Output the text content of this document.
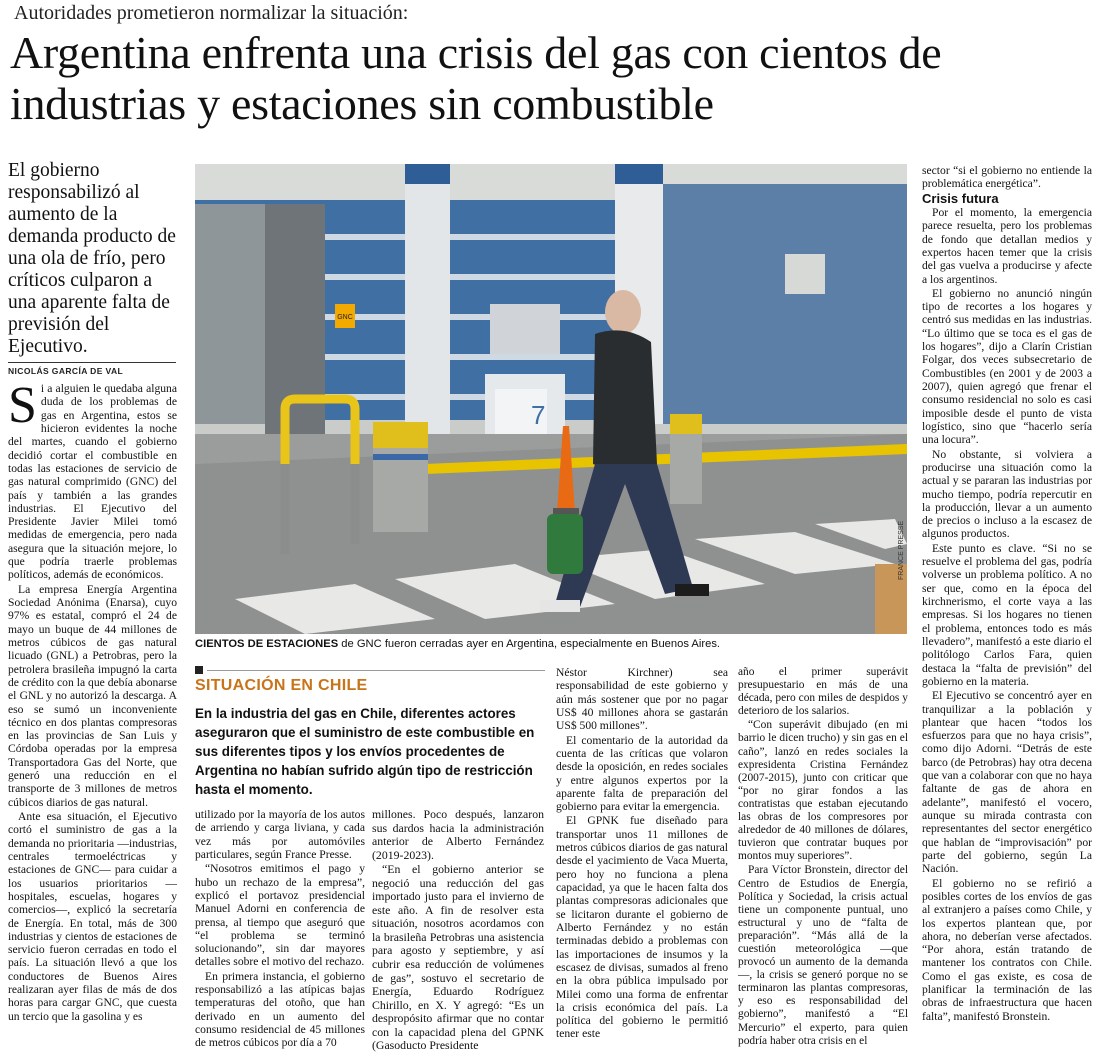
Autoridades prometieron normalizar la situación:
Argentina enfrenta una crisis del gas con cientos de industrias y estaciones sin combustible
El gobierno responsabilizó al aumento de la demanda producto de una ola de frío, pero críticos culparon a una aparente falta de previsión del Ejecutivo.
NICOLÁS GARCÍA DE VAL

Si a alguien le quedaba alguna duda de los problemas de gas en Argentina, estos se hicieron evidentes la noche del martes, cuando el gobierno decidió cortar el combustible en todas las estaciones de servicio de gas natural comprimido (GNC) del país y también a las grandes industrias. El Ejecutivo del Presidente Javier Milei tomó medidas de emergencia, pero nada asegura que la situación mejore, lo que podría traerle problemas políticos, además de económicos.

La empresa Energía Argentina Sociedad Anónima (Enarsa), cuyo 97% es estatal, compró el 24 de mayo un buque de 44 millones de metros cúbicos de gas natural licuado (GNL) a Petrobras, pero la petrolera brasileña impugnó la carta de crédito con la que debía abonarse el GNL y no autorizó la descarga. A eso se sumó un inconveniente técnico en dos plantas compresoras en las provincias de San Luis y Córdoba operadas por la empresa Transportadora Gas del Norte, que generó una reducción en el transporte de 3 millones de metros cúbicos diarios de gas natural.

Ante esa situación, el Ejecutivo cortó el suministro de gas a la demanda no prioritaria —industrias, centrales termoeléctricas y estaciones de GNC— para cuidar a los usuarios prioritarios —hospitales, escuelas, hogares y comercios—, explicó la secretaría de Energía. En total, más de 300 industrias y cientos de estaciones de servicio fueron cerradas en todo el país. La situación llevó a que los conductores de Buenos Aires realizaran ayer filas de más de dos horas para cargar GNC, que cuesta un tercio que la gasolina y es

GNC
7
FRANCE PRESSE
CIENTOS DE ESTACIONES de GNC fueron cerradas ayer en Argentina, especialmente en Buenos Aires.
SITUACIÓN EN CHILE
En la industria del gas en Chile, diferentes actores aseguraron que el suministro de este combustible en sus diferentes tipos y los envíos procedentes de Argentina no habían sufrido algún tipo de restricción hasta el momento.

utilizado por la mayoría de los autos de arriendo y carga liviana, y cada vez más por automóviles particulares, según France Presse.

“Nosotros emitimos el pago y hubo un rechazo de la empresa”, explicó el portavoz presidencial Manuel Adorni en conferencia de prensa, al tiempo que aseguró que “el problema se terminó solucionando”, sin dar mayores detalles sobre el motivo del rechazo.

En primera instancia, el gobierno responsabilizó a las atípicas bajas temperaturas del otoño, que han derivado en un aumento del consumo residencial de 45 millones de metros cúbicos por día a 70

millones. Poco después, lanzaron sus dardos hacia la administración anterior de Alberto Fernández (2019-2023).

“En el gobierno anterior se negoció una reducción del gas importado justo para el invierno de este año. A fin de resolver esta situación, nosotros acordamos con la brasileña Petrobras una asistencia para agosto y septiembre, y así cubrir esa reducción de volúmenes de gas”, sostuvo el secretario de Energía, Eduardo Rodríguez Chirillo, en X. Y agregó: “Es un despropósito afirmar que no contar con la capacidad plena del GPNK (Gasoducto Presidente

Néstor Kirchner) sea responsabilidad de este gobierno y aún más sostener que por no pagar US$ 40 millones ahora se gastarán US$ 500 millones”.

El comentario de la autoridad da cuenta de las críticas que volaron desde la oposición, en redes sociales y entre algunos expertos por la aparente falta de preparación del gobierno para evitar la emergencia.

El GPNK fue diseñado para transportar unos 11 millones de metros cúbicos diarios de gas natural desde el yacimiento de Vaca Muerta, pero hoy no funciona a plena capacidad, ya que le hacen falta dos plantas compresoras adicionales que se licitaron durante el gobierno de Alberto Fernández y no están terminadas debido a problemas con las importaciones de insumos y la escasez de divisas, sumados al freno en la obra pública impulsado por Milei como una forma de enfrentar la crisis económica del país. La política del gobierno le permitió tener este

año el primer superávit presupuestario en más de una década, pero con miles de despidos y deterioro de los salarios.

“Con superávit dibujado (en mi barrio le dicen trucho) y sin gas en el caño”, lanzó en redes sociales la expresidenta Cristina Fernández (2007-2015), junto con criticar que “por no girar fondos a las contratistas que estaban ejecutando las obras de los compresores por alrededor de 40 millones de dólares, tuvieron que contratar buques por montos muy superiores”.

Para Víctor Bronstein, director del Centro de Estudios de Energía, Política y Sociedad, la crisis actual tiene un componente puntual, uno estructural y uno de “falta de preparación”. “Más allá de la cuestión meteorológica —que provocó un aumento de la demanda—, la crisis se generó porque no se terminaron las plantas compresoras, y eso es responsabilidad del gobierno”, manifestó a “El Mercurio” el experto, para quien podría haber otra crisis en el

sector “si el gobierno no entiende la problemática energética”.

Crisis futura

Por el momento, la emergencia parece resuelta, pero los problemas de fondo que detallan medios y expertos hacen temer que la crisis del gas vuelva a producirse y afecte a los argentinos.

El gobierno no anunció ningún tipo de recortes a los hogares y centró sus medidas en las industrias. “Lo último que se toca es el gas de los hogares”, dijo a Clarín Cristian Folgar, dos veces subsecretario de Combustibles (en 2001 y de 2003 a 2007), quien agregó que frenar el consumo residencial no solo es casi imposible desde el punto de vista logístico, sino que “hacerlo sería una locura”.

No obstante, si volviera a producirse una situación como la actual y se pararan las industrias por mucho tiempo, podría repercutir en la producción, llevar a un aumento de precios o incluso a la escasez de algunos productos.

Este punto es clave. “Si no se resuelve el problema del gas, podría volverse un problema político. A no ser que, como en la época del kirchnerismo, el corte vaya a las empresas. Si los hogares no tienen el problema, entonces todo es más llevadero”, manifestó a este diario el politólogo Carlos Fara, quien destaca la “falta de previsión” del gobierno en la materia.

El Ejecutivo se concentró ayer en tranquilizar a la población y plantear que hacen “todos los esfuerzos para que no haya crisis”, como dijo Adorni. “Detrás de este barco (de Petrobras) hay otra decena que van a colaborar con que no haya faltante de gas de ahora en adelante”, manifestó el vocero, aunque su mirada contrasta con representantes del sector energético que hablan de “improvisación” por parte del gobierno, según La Nación.

El gobierno no se refirió a posibles cortes de los envíos de gas al extranjero a países como Chile, y los expertos plantean que, por ahora, no deberían verse afectados. “Por ahora, están tratando de mantener los contratos con Chile. Como el gas existe, es cosa de planificar la terminación de las obras de infraestructura que hacen falta”, manifestó Bronstein.
